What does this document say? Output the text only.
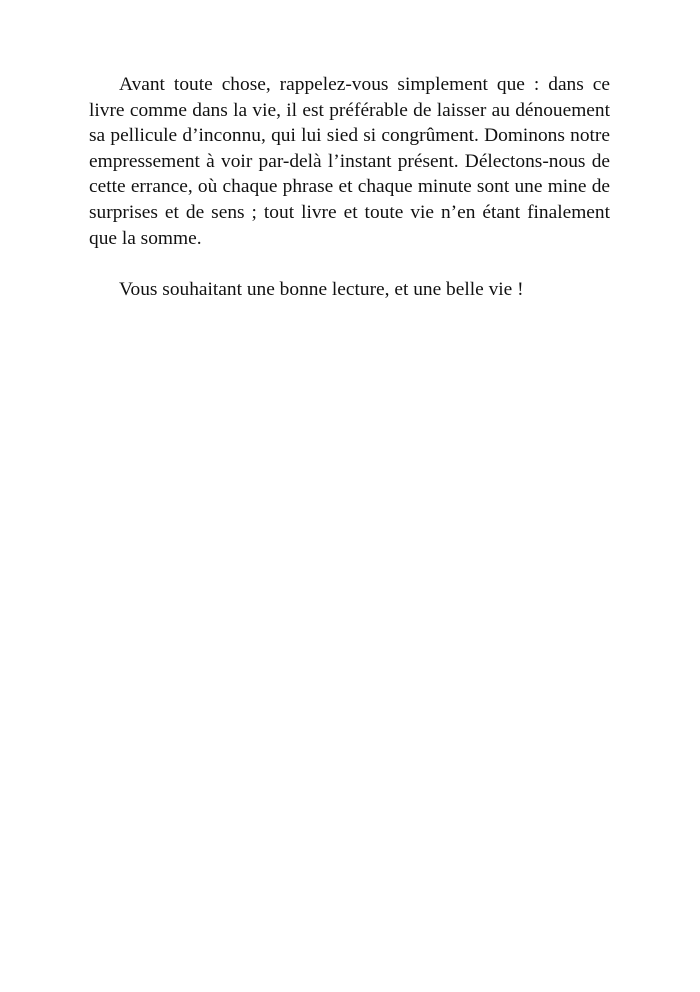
Avant toute chose, rappelez-vous simplement que : dans ce livre comme dans la vie, il est préférable de laisser au dénouement sa pellicule d’inconnu, qui lui sied si congrûment. Dominons notre empressement à voir par-delà l’instant présent. Délectons-nous de cette errance, où chaque phrase et chaque minute sont une mine de surprises et de sens ; tout livre et toute vie n’en étant finalement que la somme.

Vous souhaitant une bonne lecture, et une belle vie !
